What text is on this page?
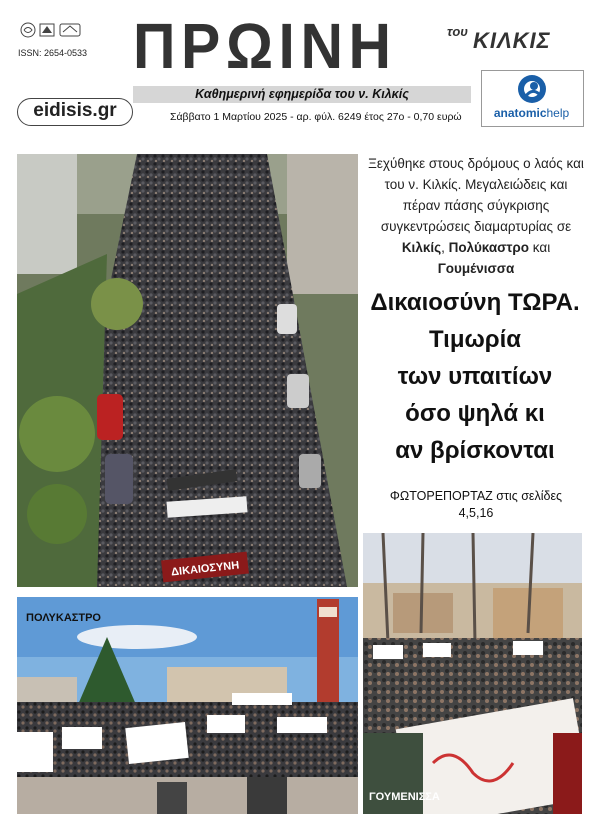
ISSN: 2654-0533 ΠΡΩΙΝΗ	του ΚΙΛΚΙΣ
Καθημερινή εφημερίδα του ν. Κιλκίς
eidisis.gr	Σάββατο 1 Μαρτίου 2025 - αρ. φύλ. 6249 έτος 27ο - 0,70 ευρώ	anatomichelp
ΔΙΚΑΙΟΣΥΝΗ
Ξεχύθηκε στους δρόμους ο λαός και του ν. Κιλκίς. Μεγαλειώδεις και πέραν πάσης σύγκρισης συγκεντρώσεις διαμαρτυρίας σε Κιλκίς, Πολύκαστρο και Γουμένισσα
Δικαιοσύνη ΤΩΡΑ.
Τιμωρία
των υπαιτίων
όσο ψηλά κι
αν βρίσκονται
ΦΩΤΟΡΕΠΟΡΤΑΖ στις σελίδες
4,5,16
ΓΟΥΜΕΝΙΣΣΑ
ΠΟΛΥΚΑΣΤΡΟ
